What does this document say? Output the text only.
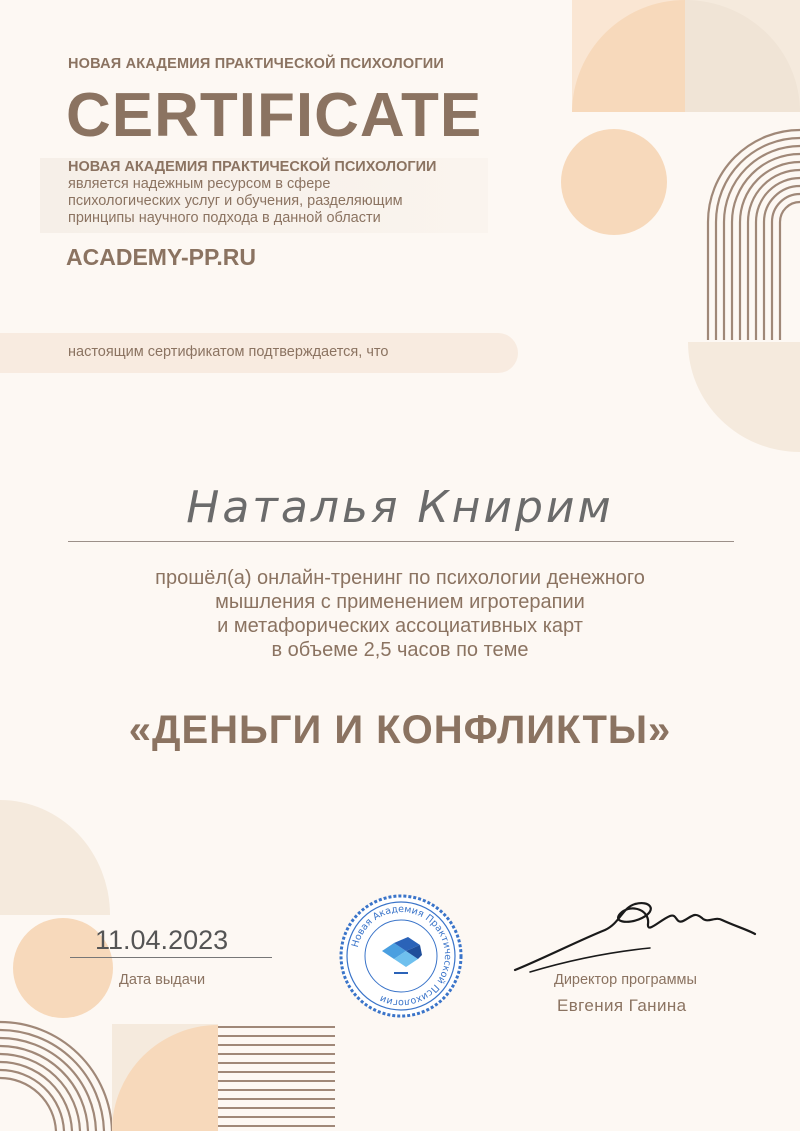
НОВАЯ АКАДЕМИЯ ПРАКТИЧЕСКОЙ ПСИХОЛОГИИ
CERTIFICATE
НОВАЯ АКАДЕМИЯ ПРАКТИЧЕСКОЙ ПСИХОЛОГИИ
является надежным ресурсом в сфере
психологических услуг и обучения, разделяющим
принципы научного подхода в данной области
ACADEMY-PP.RU
настоящим сертификатом подтверждается, что
Наталья Книрим
прошёл(а) онлайн-тренинг по психологии денежного
мышления с применением игротерапии
и метафорических ассоциативных карт
в объеме 2,5 часов по теме
«ДЕНЬГИ И КОНФЛИКТЫ»
11.04.2023
Дата выдачи
Новая Академия Практической Психологии
Директор программы
Евгения Ганина
